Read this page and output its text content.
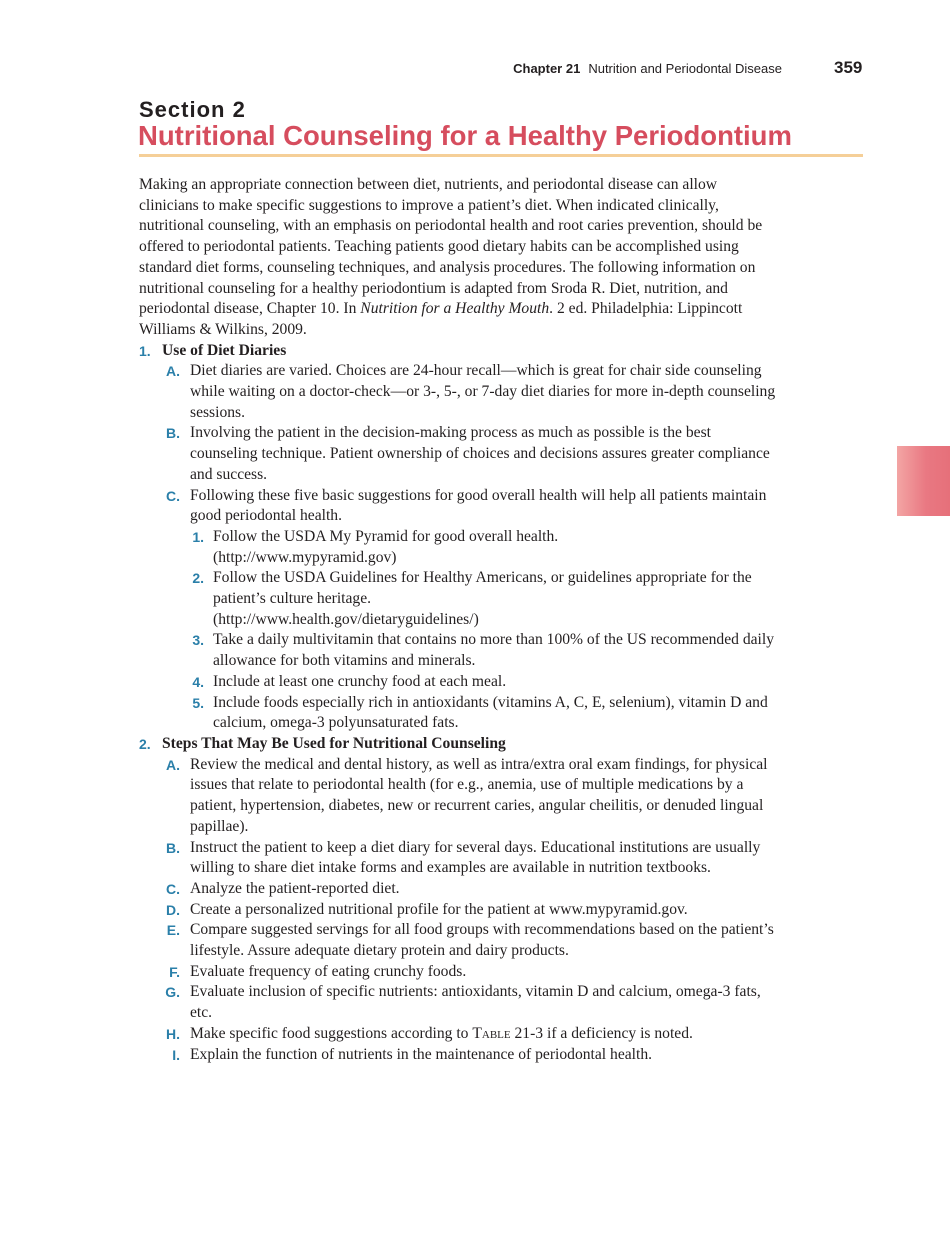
Chapter 21 Nutrition and Periodontal Disease	359
Section 2
Nutritional Counseling for a Healthy Periodontium

Making an appropriate connection between diet, nutrients, and periodontal disease can allow clinicians to make specific suggestions to improve a patient’s diet. When indicated clinically, nutritional counseling, with an emphasis on periodontal health and root caries prevention, should be offered to periodontal patients. Teaching patients good dietary habits can be accomplished using standard diet forms, counseling techniques, and analysis procedures. The following information on nutritional counseling for a healthy periodontium is adapted from Sroda R. Diet, nutrition, and periodontal disease, Chapter 10. In Nutrition for a Healthy Mouth. 2 ed. Philadelphia: Lippincott Williams & Wilkins, 2009.

1. Use of Diet Diaries

A. Diet diaries are varied. Choices are 24-hour recall—which is great for chair side counseling while waiting on a doctor-check—or 3-, 5-, or 7-day diet diaries for more in-depth counseling sessions.

B. Involving the patient in the decision-making process as much as possible is the best counseling technique. Patient ownership of choices and decisions assures greater compliance and success.

C. Following these five basic suggestions for good overall health will help all patients maintain good periodontal health.

1. Follow the USDA My Pyramid for good overall health.
(http://www.mypyramid.gov)

2. Follow the USDA Guidelines for Healthy Americans, or guidelines appropriate for the patient’s culture heritage.
(http://www.health.gov/dietaryguidelines/)

3. Take a daily multivitamin that contains no more than 100% of the US recommended daily allowance for both vitamins and minerals.

4. Include at least one crunchy food at each meal.

5. Include foods especially rich in antioxidants (vitamins A, C, E, selenium), vitamin D and calcium, omega-3 polyunsaturated fats.

2. Steps That May Be Used for Nutritional Counseling

A. Review the medical and dental history, as well as intra/extra oral exam findings, for physical issues that relate to periodontal health (for e.g., anemia, use of multiple medications by a patient, hypertension, diabetes, new or recurrent caries, angular cheilitis, or denuded lingual papillae).

B. Instruct the patient to keep a diet diary for several days. Educational institutions are usually willing to share diet intake forms and examples are available in nutrition textbooks.

C. Analyze the patient-reported diet.

D. Create a personalized nutritional profile for the patient at www.mypyramid.gov.

E. Compare suggested servings for all food groups with recommendations based on the patient’s lifestyle. Assure adequate dietary protein and dairy products.

F. Evaluate frequency of eating crunchy foods.

G. Evaluate inclusion of specific nutrients: antioxidants, vitamin D and calcium, omega-3 fats, etc.

H. Make specific food suggestions according to Table 21-3 if a deficiency is noted.

I. Explain the function of nutrients in the maintenance of periodontal health.
